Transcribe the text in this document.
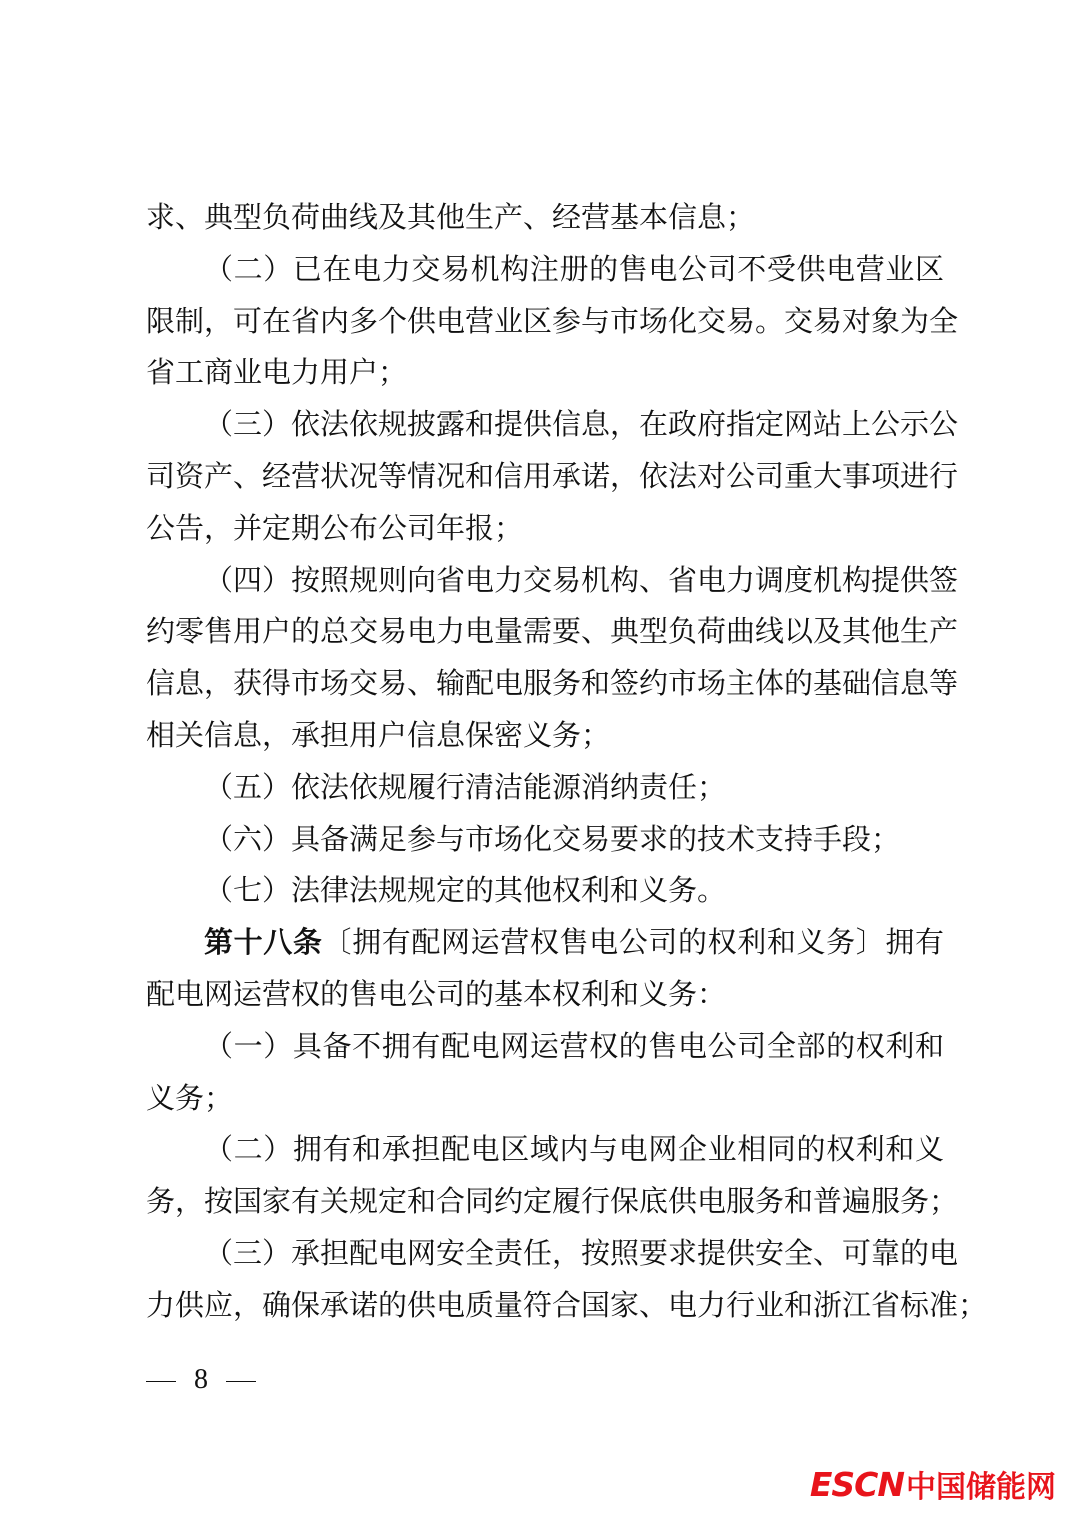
求、典型负荷曲线及其他生产、经营基本信息；
（二）已在电力交易机构注册的售电公司不受供电营业区
限制，可在省内多个供电营业区参与市场化交易。交易对象为全
省工商业电力用户；
（三）依法依规披露和提供信息，在政府指定网站上公示公
司资产、经营状况等情况和信用承诺，依法对公司重大事项进行
公告，并定期公布公司年报；
（四）按照规则向省电力交易机构、省电力调度机构提供签
约零售用户的总交易电力电量需要、典型负荷曲线以及其他生产
信息，获得市场交易、输配电服务和签约市场主体的基础信息等
相关信息，承担用户信息保密义务；
（五）依法依规履行清洁能源消纳责任；
（六）具备满足参与市场化交易要求的技术支持手段；
（七）法律法规规定的其他权利和义务。
第十八条〔拥有配网运营权售电公司的权利和义务〕拥有
配电网运营权的售电公司的基本权利和义务：
（一）具备不拥有配电网运营权的售电公司全部的权利和
义务；
（二）拥有和承担配电区域内与电网企业相同的权利和义
务，按国家有关规定和合同约定履行保底供电服务和普遍服务；
（三）承担配电网安全责任，按照要求提供安全、可靠的电
力供应，确保承诺的供电质量符合国家、电力行业和浙江省标准；
8
ESCN 中国储能网
